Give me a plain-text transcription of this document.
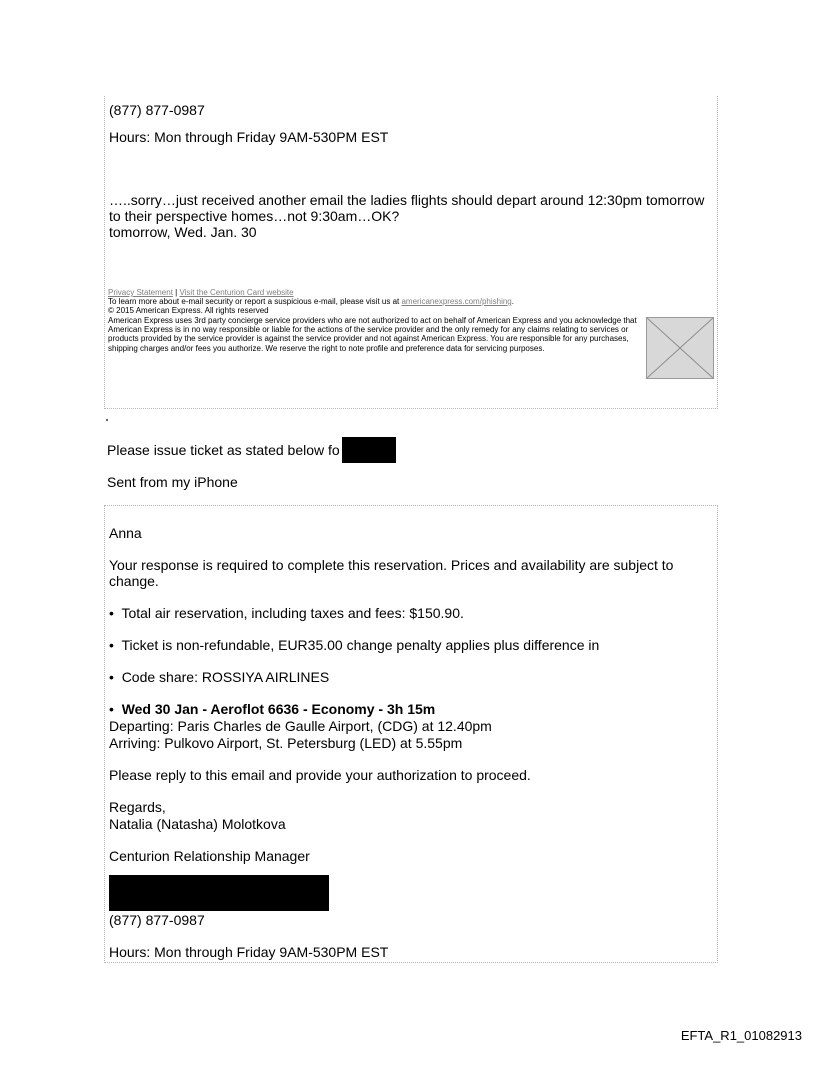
(877) 877-0987
Hours: Mon through Friday 9AM-530PM EST
…..sorry…just received another email the ladies flights should depart around 12:30pm tomorrow
to their perspective homes…not 9:30am…OK?
tomorrow, Wed. Jan. 30
Privacy Statement | Visit the Centurion Card website
To learn more about e-mail security or report a suspicious e-mail, please visit us at americanexpress.com/phishing.
© 2015 American Express. All rights reserved
American Express uses 3rd party concierge service providers who are not authorized to act on behalf of American Express and you acknowledge that American Express is in no way responsible or liable for the actions of the service provider and the only remedy for any claims relating to services or products provided by the service provider is against the service provider and not against American Express. You are responsible for any purchases, shipping charges and/or fees you authorize. We reserve the right to note profile and preference data for servicing purposes.
Please issue ticket as stated below fo
Sent from my iPhone
Anna
Your response is required to complete this reservation. Prices and availability are subject to change.
• Total air reservation, including taxes and fees: $150.90.
• Ticket is non-refundable, EUR35.00 change penalty applies plus difference in
• Code share: ROSSIYA AIRLINES
• Wed 30 Jan - Aeroflot 6636 - Economy - 3h 15m
Departing: Paris Charles de Gaulle Airport, (CDG) at 12.40pm
Arriving: Pulkovo Airport, St. Petersburg (LED) at 5.55pm
Please reply to this email and provide your authorization to proceed.
Regards,
Natalia (Natasha) Molotkova
Centurion Relationship Manager
(877) 877-0987
Hours: Mon through Friday 9AM-530PM EST
EFTA_R1_01082913
